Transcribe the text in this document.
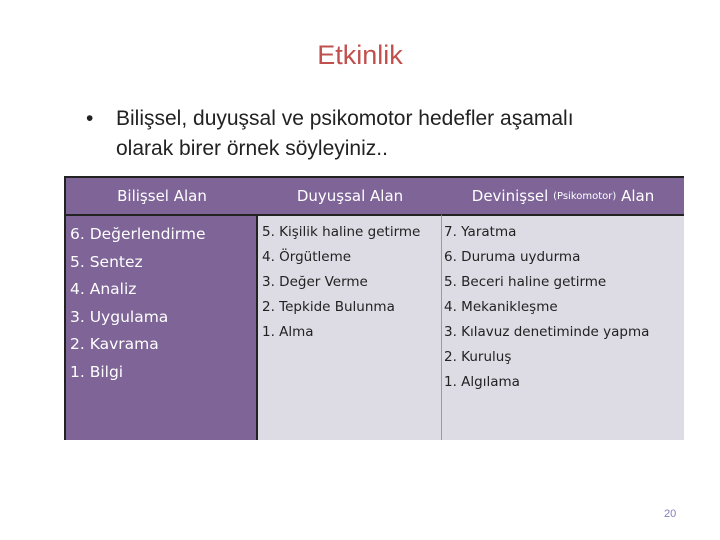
Etkinlik
• Bilişsel, duyuşsal ve psikomotor hedefler aşamalı
olarak birer örnek söyleyiniz..
Bilişsel Alan	Duyuşsal Alan	Devinişsel
(Psikomotor)
Alan
6. Değerlendirme
5. Sentez
4. Analiz
3. Uygulama
2. Kavrama
1. Bilgi
5. Kişilik haline getirme
4. Örgütleme
3. Değer Verme
2. Tepkide Bulunma
1. Alma
7. Yaratma
6. Duruma uydurma
5. Beceri haline getirme
4. Mekanikleşme
3. Kılavuz denetiminde yapma
2. Kuruluş
1. Algılama
20
